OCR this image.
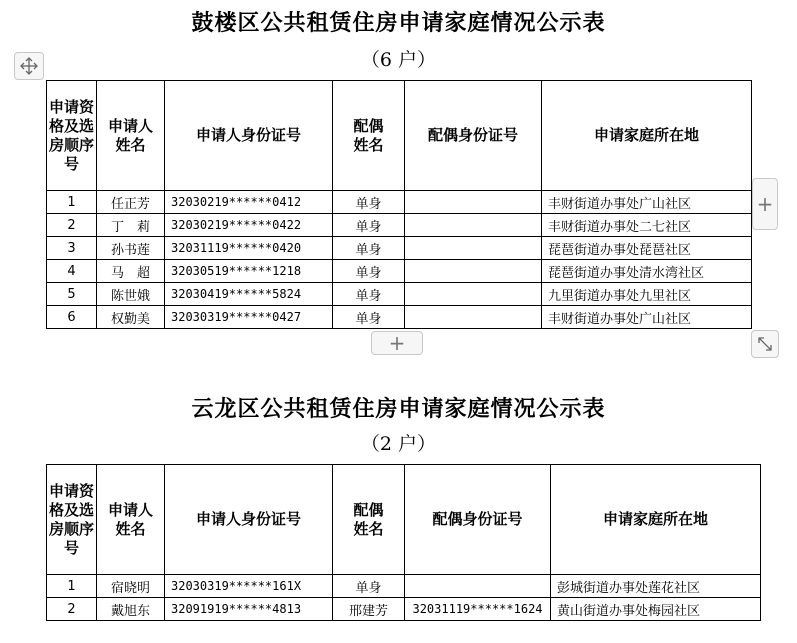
鼓楼区公共租赁住房申请家庭情况公示表
（6 户）
申请资格及选房顺序号	申请人姓名	申请人身份证号	配偶姓名	配偶身份证号	申请家庭所在地
1	任正芳	32030219******0412	单身		丰财街道办事处广山社区
2	丁　莉	32030219******0422	单身		丰财街道办事处二七社区
3	孙书莲	32031119******0420	单身		琵琶街道办事处琵琶社区
4	马　超	32030519******1218	单身		琵琶街道办事处清水湾社区
5	陈世娥	32030419******5824	单身		九里街道办事处九里社区
6	权勤美	32030319******0427	单身		丰财街道办事处广山社区
+
+
云龙区公共租赁住房申请家庭情况公示表
（2 户）
申请资格及选房顺序号	申请人姓名	申请人身份证号	配偶姓名	配偶身份证号	申请家庭所在地
1	宿晓明	32030319******161X	单身		彭城街道办事处莲花社区
2	戴旭东	32091919******4813	邢建芳	32031119******1624	黄山街道办事处梅园社区
